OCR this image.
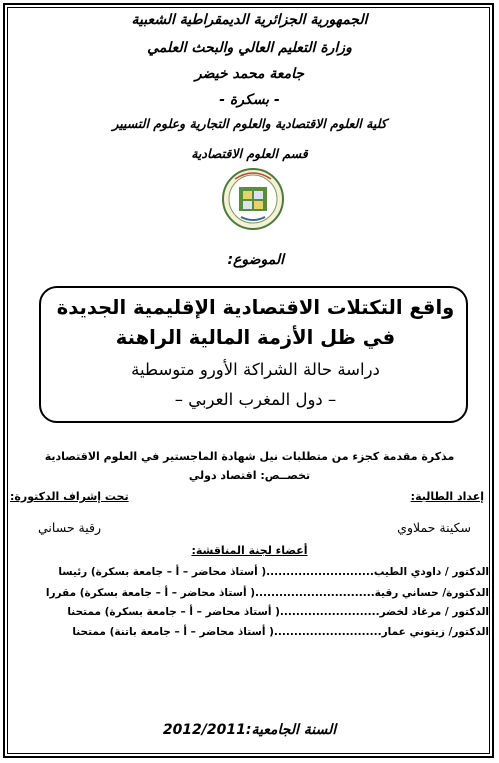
الجمهورية الجزائرية الديمقراطية الشعبية
وزارة التعليم العالي والبحث العلمي
جامعة محمد خيضر
- بسكرة -
كلية العلوم الاقتصادية والعلوم التجارية وعلوم التسيير
قسم العلوم الاقتصادية
الموضوع:
واقع التكتلات الاقتصادية الإقليمية الجديدة
في ظل الأزمة المالية الراهنة
دراسة حالة الشراكة الأورو متوسطية
– دول المغرب العربي –
مذكرة مقدمة كجزء من متطلبات نيل شهادة الماجستير في العلوم الاقتصادية
تخصــص: اقتصاد دولي
إعداد الطالبة:
تحت إشراف الدكتورة:
سكينة حملاوي
رقية حساني
أعضاء لجنة المناقشة:
الدكتور / داودي الطيب...........................( أستاذ محاضر – أ – جامعة بسكرة) رئيسا
الدكتورة/ حساني رقية..............................( أستاذ محاضر – أ – جامعة بسكرة) مقررا
الدكتور / مرغاد لخضر.........................( أستاذ محاضر – أ – جامعة بسكرة) ممتحنا
الدكتور/ زيتوني عمار...........................( أستاذ محاضر – أ – جامعة باتنة) ممتحنا
السنة الجامعية:2012/2011
